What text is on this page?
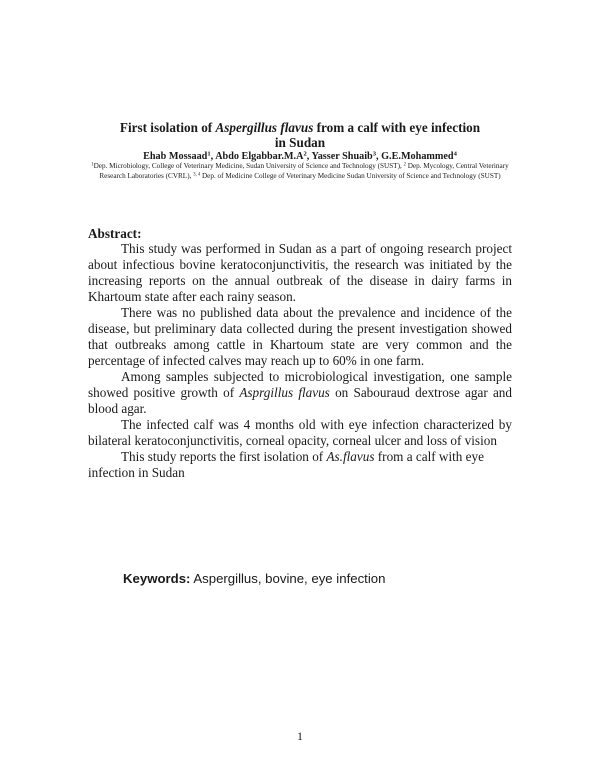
First isolation of Aspergillus flavus from a calf with eye infection
in Sudan
Ehab Mossaad$^1$, Abdo $Elgabbar.M.A^2$, Yasser Shuaib$^3$, G.E.Mohammed$^4$
$^1$Dep. Microbiology, College of Veterinary Medicine, Sudan University of Science and Technology (SUST), $^2$ Dep. Mycology, Central Veterinary Research Laboratories (CVRL), $^{3, 4}$ Dep. of Medicine College of Veterinary Medicine Sudan University of Science and Technology (SUST)
Abstract:

This study was performed in Sudan as a part of ongoing research project about infectious bovine keratoconjunctivitis, the research was initiated by the increasing reports on the annual outbreak of the disease in dairy farms in Khartoum state after each rainy season.

There was no published data about the prevalence and incidence of the disease, but preliminary data collected during the present investigation showed that outbreaks among cattle in Khartoum state are very common and the percentage of infected calves may reach up to 60% in one farm.

Among samples subjected to microbiological investigation, one sample showed positive growth of Asprgillus flavus on Sabouraud dextrose agar and blood agar.

The infected calf was 4 months old with eye infection characterized by bilateral keratoconjunctivitis, corneal opacity, corneal ulcer and loss of vision

This study reports the first isolation of As.flavus from a calf with eye infection in Sudan

Keywords: Aspergillus, bovine, eye infection
1
